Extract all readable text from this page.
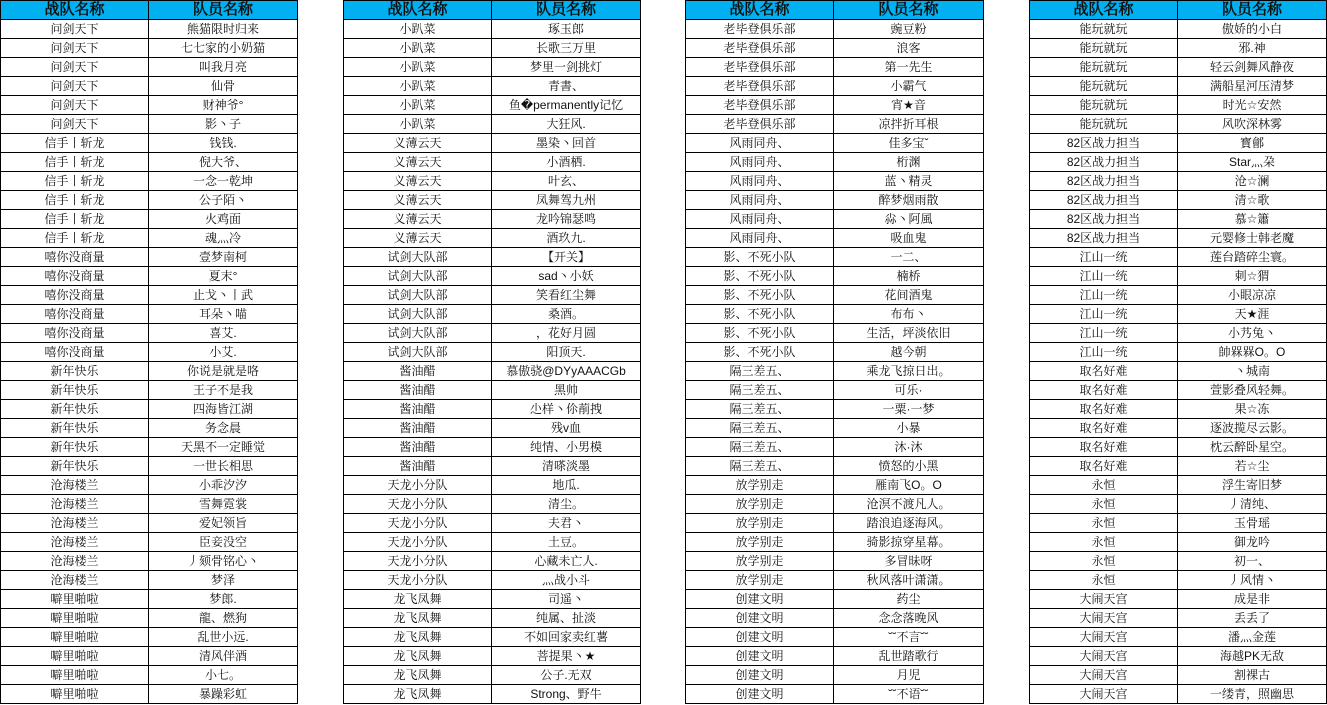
战队名称	队员名称
问剑天下	熊猫限时归来
问剑天下	七七家的小奶猫
问剑天下	叫我月亮
问剑天下	仙骨
问剑天下	财神爷°
问剑天下	影丶子
信手丨斩龙	钱钱.
信手丨斩龙	倪大爷、
信手丨斩龙	一念一乾坤
信手丨斩龙	公子陌丶
信手丨斩龙	火鸡面
信手丨斩龙	魂灬冷
嘻你没商量	壹梦南柯
嘻你没商量	夏末°
嘻你没商量	止戈丶丨武
嘻你没商量	耳朵丶喵
嘻你没商量	喜艾.
嘻你没商量	小艾.
新年快乐	你说是就是咯
新年快乐	王子不是我
新年快乐	四海皆江湖
新年快乐	务念晨
新年快乐	天黑不一定睡觉
新年快乐	一世长相思
沧海楼兰	小乖汐汐
沧海楼兰	雪舞霓裳
沧海楼兰	爱妃领旨
沧海楼兰	臣妾没空
沧海楼兰	丿颏骨铭心丶
沧海楼兰	梦泽
噼里啪啦	梦郎.
噼里啪啦	龍、燃狗
噼里啪啦	乱世小远.
噼里啪啦	清风伴酒
噼里啪啦	小七。
噼里啪啦	暴躁彩虹
战队名称	队员名称
小趴菜	琢玉郎
小趴菜	长歌三万里
小趴菜	梦里一剑挑灯
小趴菜	青書、
小趴菜	鱼�permanently记忆
小趴菜	大狂风.
义薄云天	墨染丶回首
义薄云天	小酒栖.
义薄云天	叶玄、
义薄云天	凤舞驾九州
义薄云天	龙吟锦瑟鸣
义薄云天	酒玖九.
试剑大队部	【开关】
试剑大队部	sad丶小妖
试剑大队部	笑看红尘舞
试剑大队部	桑酒。
试剑大队部	，花好月圆
试剑大队部	阳顶天.
酱油醋	慕傲骁@DYyAAACGb
酱油醋	黑帅
酱油醋	尐样丶伱萷拽
酱油醋	残v血
酱油醋	纯情、小男模
酱油醋	清嗏淡墨
天龙小分队	地瓜.
天龙小分队	清尘。
天龙小分队	夫君丶
天龙小分队	土豆。
天龙小分队	心藏未亡人.
天龙小分队	灬战小斗
龙飞凤舞	司遥丶
龙飞凤舞	纯属、扯淡
龙飞凤舞	不如回家卖红薯
龙飞凤舞	菩提果丶★
龙飞凤舞	公子.无双
龙飞凤舞	Strong、野牛
战队名称	队员名称
老毕登俱乐部	豌豆粉
老毕登俱乐部	浪客
老毕登俱乐部	第一先生
老毕登俱乐部	小霸气
老毕登俱乐部	宵★音
老毕登俱乐部	凉拌折耳根
风雨同舟、	佳多宝ˇ
风雨同舟、	桁渊
风雨同舟、	蓝丶精灵
风雨同舟、	醉梦烟雨散
风雨同舟、	尛丶阿風
风雨同舟、	吸血鬼
影、不死小队	一二、
影、不死小队	楠桥
影、不死小队	花间酒鬼
影、不死小队	布布丶
影、不死小队	生活，坪淡依旧
影、不死小队	越今朝
隔三差五、	乘龙飞掠日出。
隔三差五、	可乐·
隔三差五、	一粟·一梦
隔三差五、	小暴
隔三差五、	沐·沐
隔三差五、	愤怒的小黑
放学别走	雁南飞O。O
放学别走	沧溟不渡凡人。
放学别走	踏浪追逐海风。
放学别走	骑影掠穿星幕。
放学别走	多冒昧呀
放学别走	秋风落叶潇潇。
创建文明	药尘
创建文明	念念落晚风
创建文明	˘˘不言˘˘
创建文明	乱世踏歌行
创建文明	月児
创建文明	˘˘不语˘˘
战队名称	队员名称
能玩就玩	傲娇的小白
能玩就玩	邪.神
能玩就玩	轻云剑舞风静夜
能玩就玩	满船星河压清梦
能玩就玩	时光☆安然
能玩就玩	风吹深林雾
82区战力担当	寳鄶
82区战力担当	Star灬朶
82区战力担当	沧☆澜
82区战力担当	清☆歌
82区战力担当	慕☆簫
82区战力担当	元婴修士韩老魔
江山一统	莲台踏碎尘寰。
江山一统	刺☆猬
江山一统	小眼凉凉
江山一统	天★涯
江山一统	小艿兔丶
江山一统	帥槑槑O。O
取名好难	丶城南
取名好难	萱影叠风轻舞。
取名好难	果☆冻
取名好难	逐波揽尽云影。
取名好难	枕云醉卧星空。
取名好难	若☆尘
永恒	浮生寄旧梦
永恒	丿清纯、
永恒	玉骨瑶
永恒	御龙吟
永恒	初一、
永恒	丿风情丶
大闹天宫	成是非
大闹天宫	丢丢了
大闹天宫	潘灬金莲
大闹天宫	海越PK无敌
大闹天宫	割裸古
大闹天宫	一缕青，照幽思
